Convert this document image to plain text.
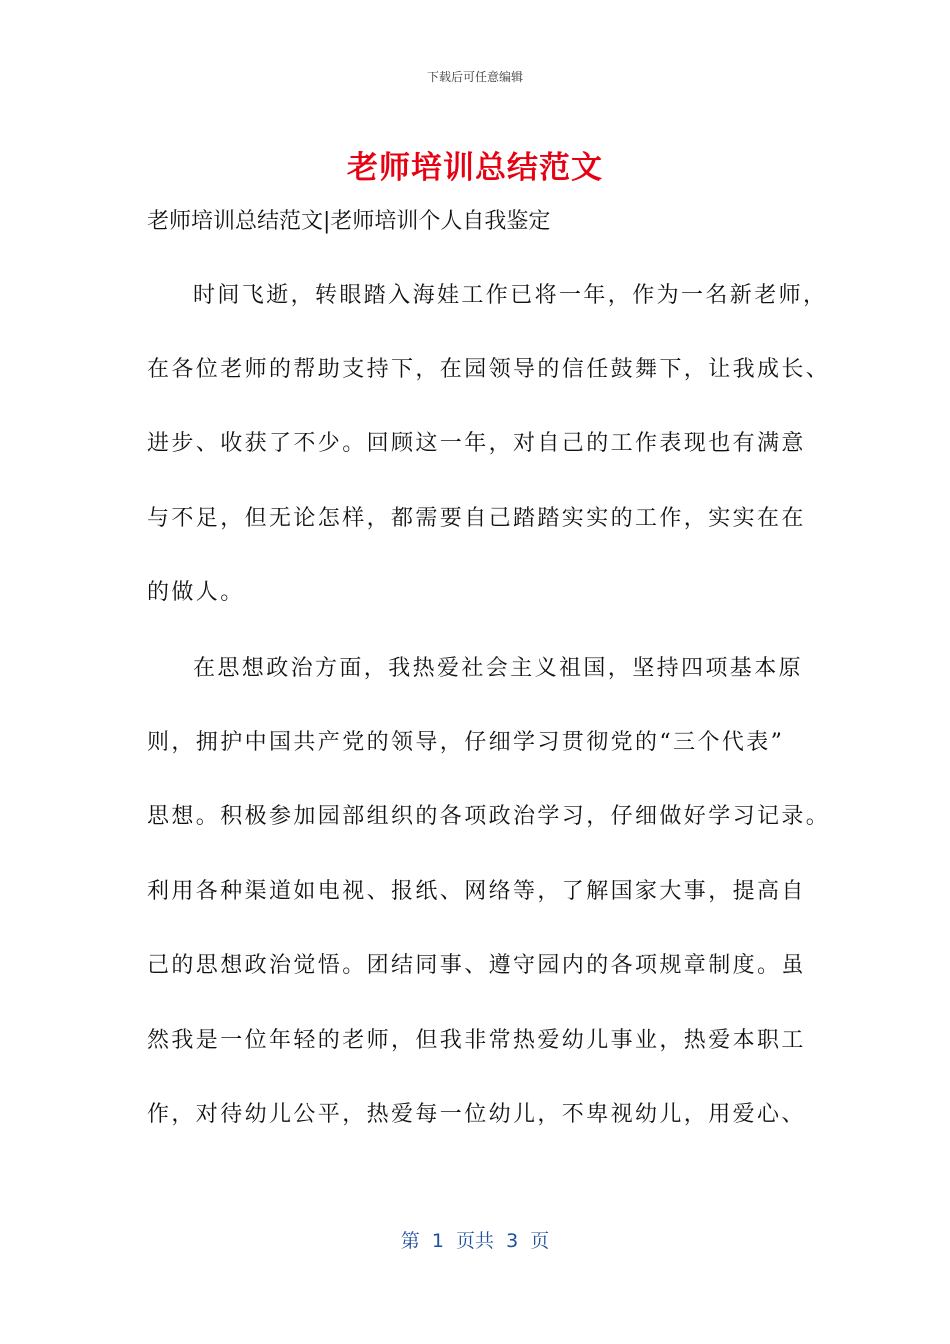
下载后可任意编辑
老师培训总结范文
老师培训总结范文|老师培训个人自我鉴定
时间飞逝，转眼踏入海娃工作已将一年，作为一名新老师，
在各位老师的帮助支持下，在园领导的信任鼓舞下，让我成长、
进步、收获了不少。回顾这一年，对自己的工作表现也有满意
与不足，但无论怎样，都需要自己踏踏实实的工作，实实在在
的做人。
在思想政治方面，我热爱社会主义祖国，坚持四项基本原
则，拥护中国共产党的领导，仔细学习贯彻党的“三个代表”
思想。积极参加园部组织的各项政治学习，仔细做好学习记录。
利用各种渠道如电视、报纸、网络等，了解国家大事，提高自
己的思想政治觉悟。团结同事、遵守园内的各项规章制度。虽
然我是一位年轻的老师，但我非常热爱幼儿事业，热爱本职工
作，对待幼儿公平，热爱每一位幼儿，不卑视幼儿，用爱心、
第  1  页共  3  页
